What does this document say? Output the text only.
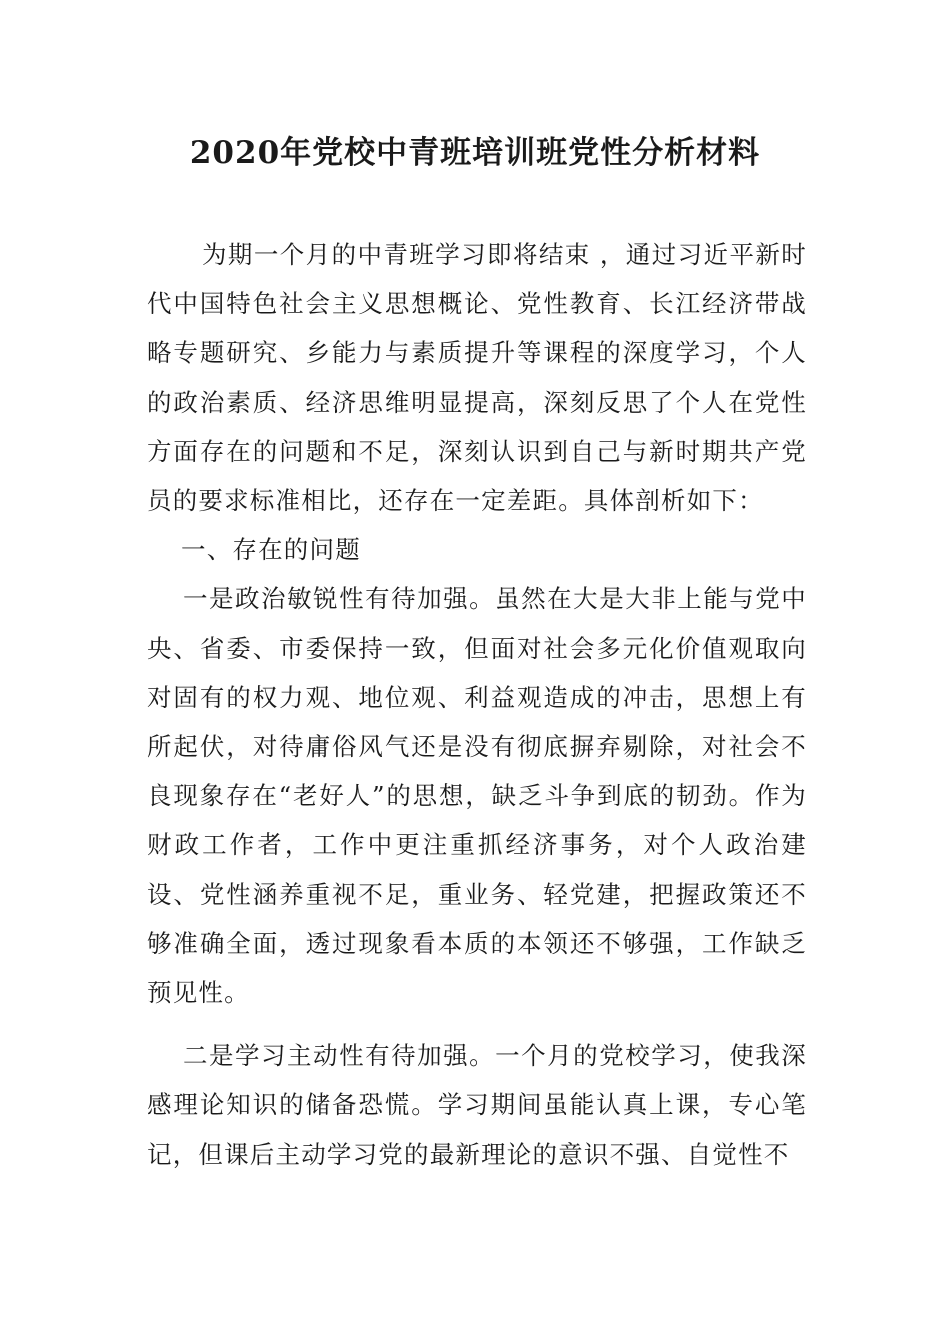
2020年党校中青班培训班党性分析材料

为期一个月的中青班学习即将结束 ，通过习近平新时代中国特色社会主义思想概论、党性教育、长江经济带战略专题研究、乡能力与素质提升等课程的深度学习，个人的政治素质、经济思维明显提高，深刻反思了个人在党性方面存在的问题和不足，深刻认识到自己与新时期共产党员的要求标准相比，还存在一定差距。具体剖析如下：

一、存在的问题

一是政治敏锐性有待加强。虽然在大是大非上能与党中央、省委、市委保持一致，但面对社会多元化价值观取向对固有的权力观、地位观、利益观造成的冲击，思想上有所起伏，对待庸俗风气还是没有彻底摒弃剔除，对社会不良现象存在“老好人”的思想，缺乏斗争到底的韧劲。作为财政工作者，工作中更注重抓经济事务，对个人政治建设、党性涵养重视不足，重业务、轻党建，把握政策还不够准确全面，透过现象看本质的本领还不够强，工作缺乏预见性。

二是学习主动性有待加强。一个月的党校学习，使我深感理论知识的储备恐慌。学习期间虽能认真上课，专心笔记，但课后主动学习党的最新理论的意识不强、自觉性不
